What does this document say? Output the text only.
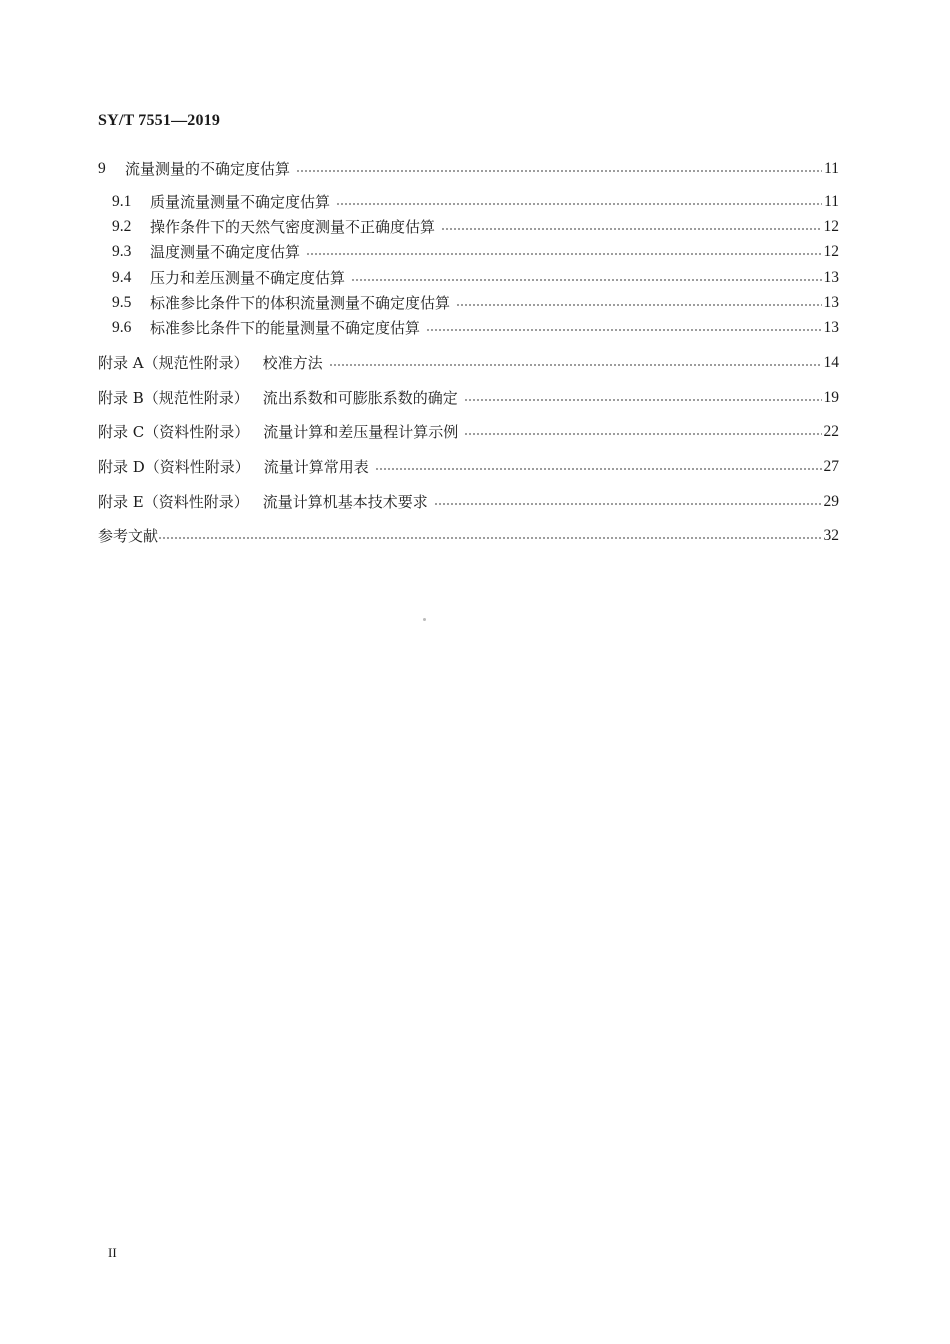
SY/T 7551—2019
9	流量测量的不确定度估算	11
9.1	质量流量测量不确定度估算	11
9.2	操作条件下的天然气密度测量不正确度估算	12
9.3	温度测量不确定度估算	12
9.4	压力和差压测量不确定度估算	13
9.5	标准参比条件下的体积流量测量不确定度估算	13
9.6	标准参比条件下的能量测量不确定度估算	13
附录 A（规范性附录） 校准方法	14
附录 B（规范性附录） 流出系数和可膨胀系数的确定	19
附录 C（资料性附录） 流量计算和差压量程计算示例	22
附录 D（资料性附录） 流量计算常用表	27
附录 E（资料性附录） 流量计算机基本技术要求	29
参考文献	32
II
